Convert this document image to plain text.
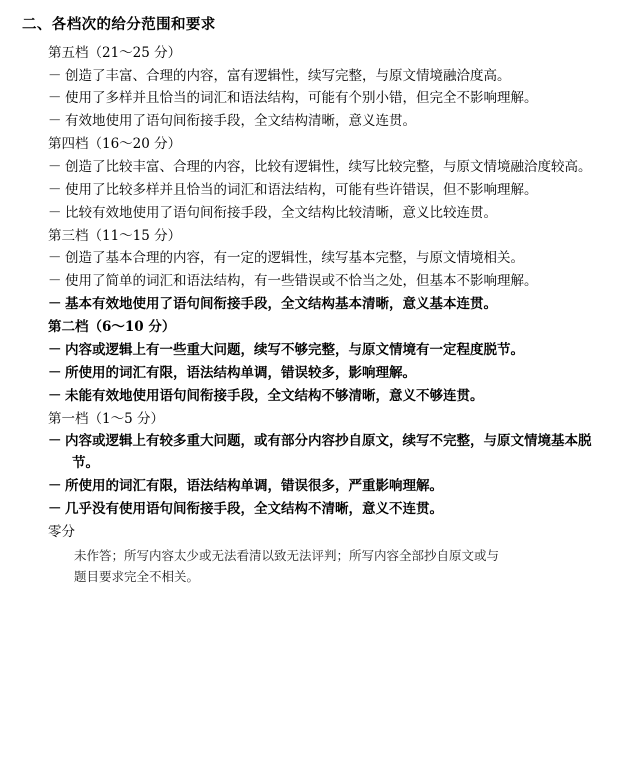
二、各档次的给分范围和要求
第五档（21～25 分）
－ 创造了丰富、合理的内容，富有逻辑性，续写完整，与原文情境融洽度高。
－ 使用了多样并且恰当的词汇和语法结构，可能有个别小错，但完全不影响理解。
－ 有效地使用了语句间衔接手段，全文结构清晰，意义连贯。
第四档（16～20 分）
－ 创造了比较丰富、合理的内容，比较有逻辑性，续写比较完整，与原文情境融洽度较高。
－ 使用了比较多样并且恰当的词汇和语法结构，可能有些许错误，但不影响理解。
－ 比较有效地使用了语句间衔接手段，全文结构比较清晰，意义比较连贯。
第三档（11～15 分）
－ 创造了基本合理的内容，有一定的逻辑性，续写基本完整，与原文情境相关。
－ 使用了简单的词汇和语法结构，有一些错误或不恰当之处，但基本不影响理解。
－ 基本有效地使用了语句间衔接手段，全文结构基本清晰，意义基本连贯。
第二档（6～10 分）
－ 内容或逻辑上有一些重大问题，续写不够完整，与原文情境有一定程度脱节。
－ 所使用的词汇有限，语法结构单调，错误较多，影响理解。
－ 未能有效地使用语句间衔接手段，全文结构不够清晰，意义不够连贯。
第一档（1～5 分）
－ 内容或逻辑上有较多重大问题，或有部分内容抄自原文，续写不完整，与原文情境基本脱节。
－ 所使用的词汇有限，语法结构单调，错误很多，严重影响理解。
－ 几乎没有使用语句间衔接手段，全文结构不清晰，意义不连贯。
零分
未作答；所写内容太少或无法看清以致无法评判；所写内容全部抄自原文或与
题目要求完全不相关。
